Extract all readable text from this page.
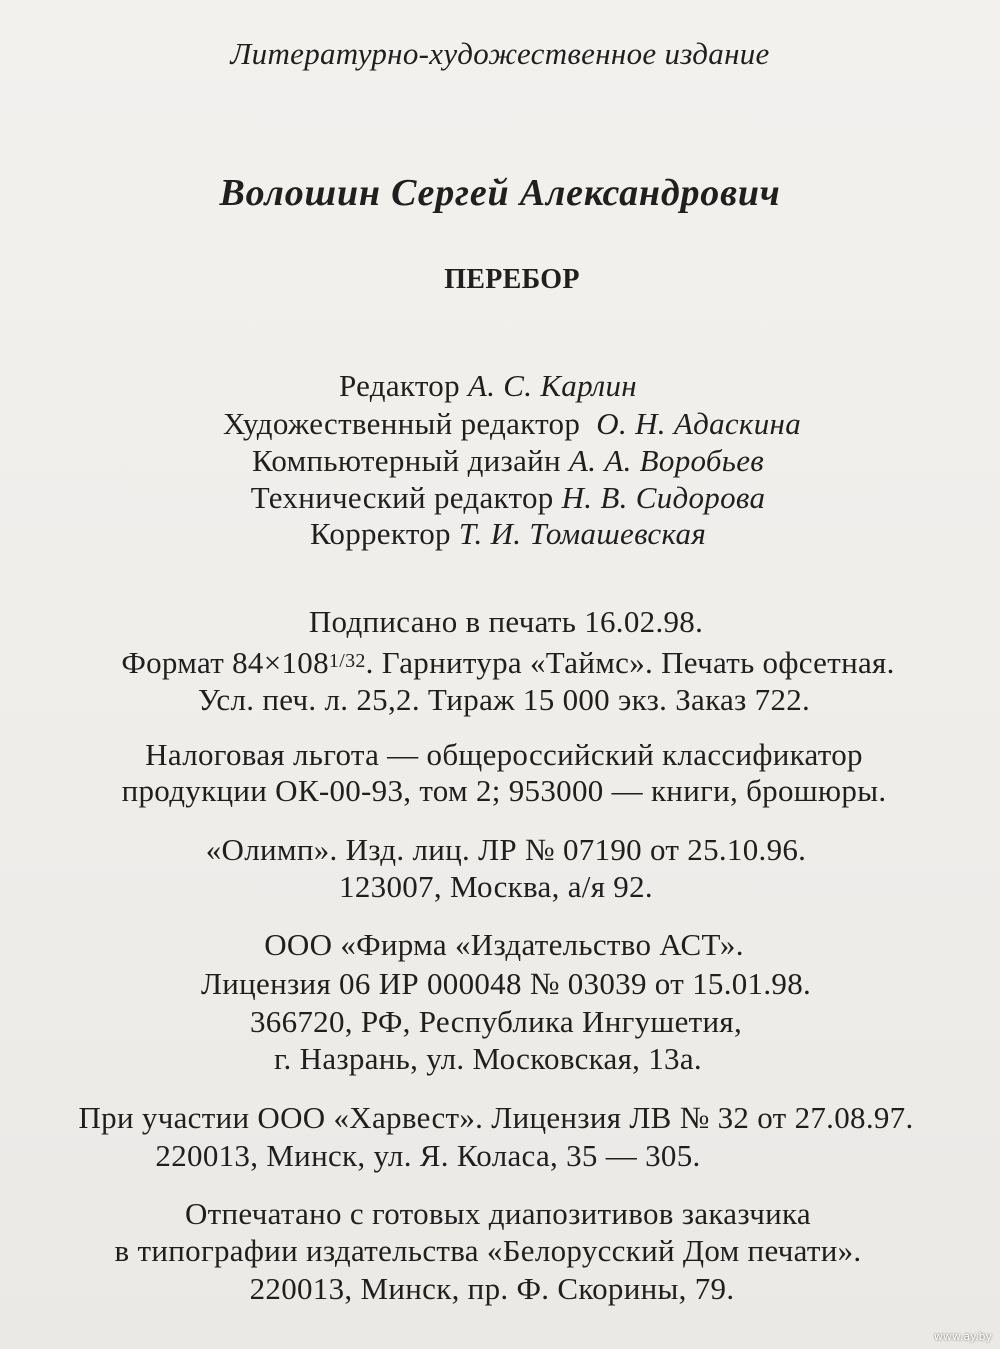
Литературно-художественное издание
Волошин Сергей Александрович
ПЕРЕБОР
Редактор А. С. Карлин
Художественный редактор О. Н. Адаскина
Компьютерный дизайн А. А. Воробьев
Технический редактор Н. В. Сидорова
Корректор Т. И. Томашевская
Подписано в печать 16.02.98.
Формат $84\times 108^{1/32}$. Гарнитура «Таймс». Печать офсетная.
Усл. печ. л. 25,2. Тираж 15 000 экз. Заказ 722.
Налоговая льгота — общероссийский классификатор
продукции ОК-00-93, том 2; 953000 — книги, брошюры.
«Олимп». Изд. лиц. ЛР № 07190 от 25.10.96.
123007, Москва, а/я 92.
ООО «Фирма «Издательство АСТ».
Лицензия 06 ИР 000048 № 03039 от 15.01.98.
366720, РФ, Республика Ингушетия,
г. Назрань, ул. Московская, 13а.
При участии ООО «Харвест». Лицензия ЛВ № 32 от 27.08.97.
220013, Минск, ул. Я. Коласа, 35 — 305.
Отпечатано с готовых диапозитивов заказчика
в типографии издательства «Белорусский Дом печати».
220013, Минск, пр. Ф. Скорины, 79.
www.ay.by
